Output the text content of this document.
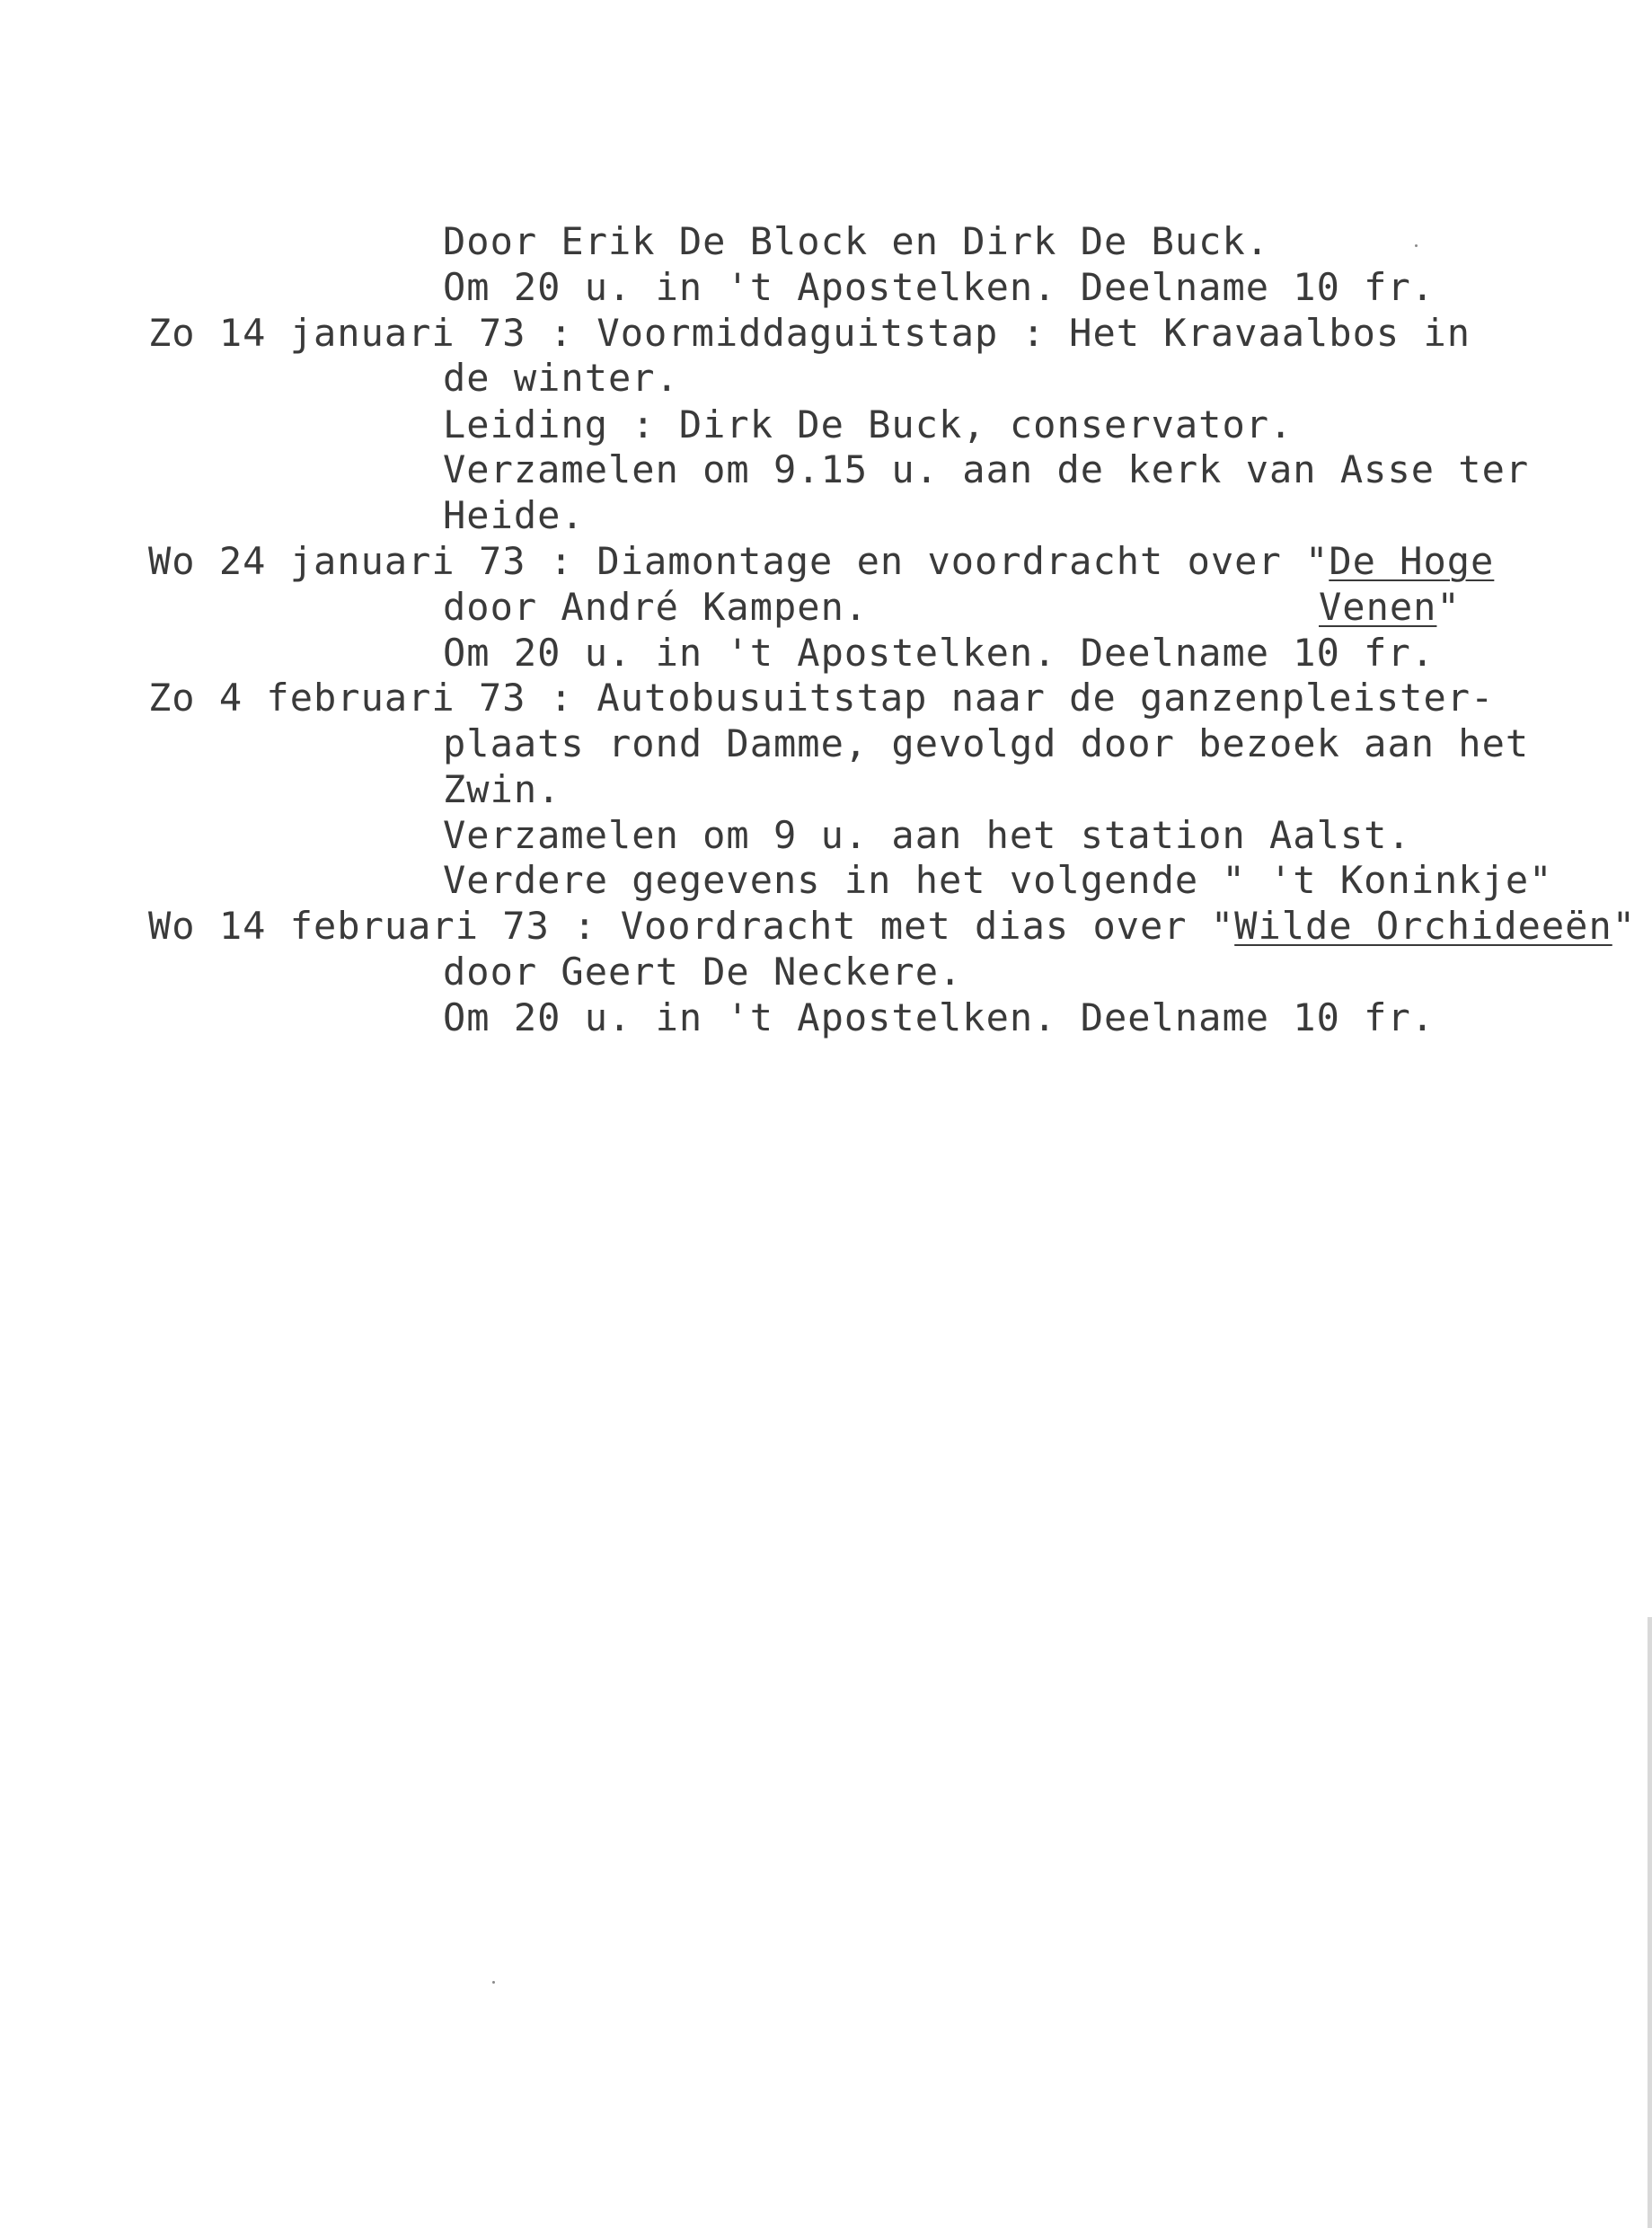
Door Erik De Block en Dirk De Buck.
Om 20 u. in 't Apostelken. Deelname 10 fr.
Zo 14 januari 73 : Voormiddaguitstap : Het Kravaalbos in
de winter.
Leiding : Dirk De Buck, conservator.
Verzamelen om 9.15 u. aan de kerk van Asse ter
Heide.
Wo 24 januari 73 : Diamontage en voordracht over "De Hoge
door André Kampen.	Venen"
Om 20 u. in 't Apostelken. Deelname 10 fr.
Zo 4 februari 73 : Autobusuitstap naar de ganzenpleister-
plaats rond Damme, gevolgd door bezoek aan het
Zwin.
Verzamelen om 9 u. aan het station Aalst.
Verdere gegevens in het volgende " 't Koninkje"
Wo 14 februari 73 : Voordracht met dias over "Wilde Orchideeën"
door Geert De Neckere.
Om 20 u. in 't Apostelken. Deelname 10 fr.
